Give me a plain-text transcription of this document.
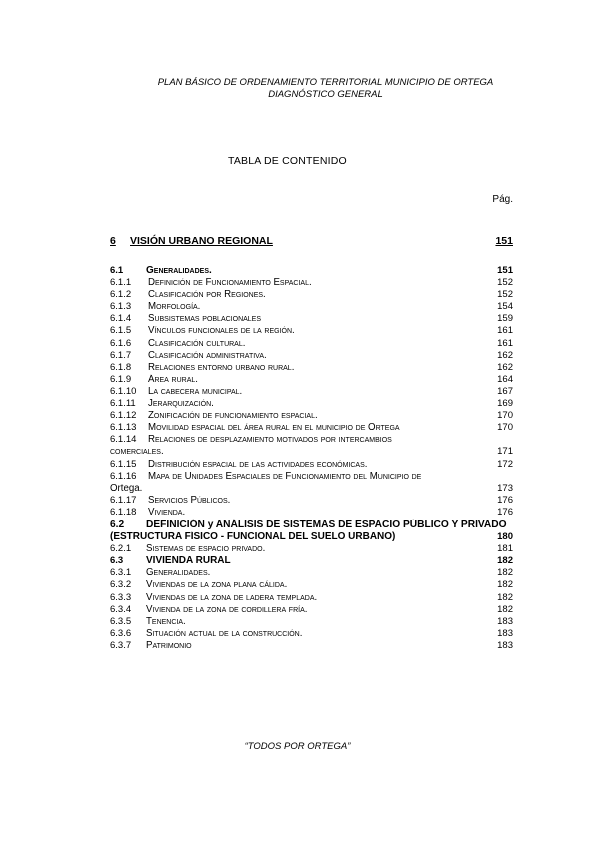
PLAN BÁSICO DE ORDENAMIENTO TERRITORIAL MUNICIPIO DE ORTEGA
DIAGNÓSTICO GENERAL
TABLA DE CONTENIDO
Pág.
6	VISIÓN URBANO REGIONAL	151
6.1	Generalidades.	151
6.1.1	Definición de Funcionamiento Espacial.	152
6.1.2	Clasificación por Regiones.	152
6.1.3	Morfología.	154
6.1.4	Subsistemas poblacionales	159
6.1.5	Vínculos funcionales de la región.	161
6.1.6	Clasificación cultural.	161
6.1.7	Clasificación administrativa.	162
6.1.8	Relaciones entorno urbano rural.	162
6.1.9	Área rural.	164
6.1.10	La cabecera municipal.	167
6.1.11	Jerarquización.	169
6.1.12	Zonificación de funcionamiento espacial.	170
6.1.13	Movilidad espacial del área rural en el municipio de Ortega	170
6.1.14	Relaciones de desplazamiento motivados por intercambios
comerciales.	171
6.1.15	Distribución espacial de las actividades económicas.	172
6.1.16	Mapa de Unidades Espaciales de Funcionamiento del Municipio de
Ortega.	173
6.1.17	Servicios Públicos.	176
6.1.18	Vivienda.	176
6.2	DEFINICIÓN y ANÁLISIS DE SISTEMAS DE ESPACIO PÚBLICO Y PRIVADO
(ESTRUCTURA FÍSICO - FUNCIONAL DEL SUELO URBANO)	180
6.2.1	Sistemas de espacio privado.	181
6.3	VIVIENDA RURAL	182
6.3.1	Generalidades.	182
6.3.2	Viviendas de la zona plana cálida.	182
6.3.3	Viviendas de la zona de ladera templada.	182
6.3.4	Vivienda de la zona de cordillera fría.	182
6.3.5	Tenencia.	183
6.3.6	Situación actual de la construcción.	183
6.3.7	Patrimonio	183
“TODOS POR ORTEGA”
